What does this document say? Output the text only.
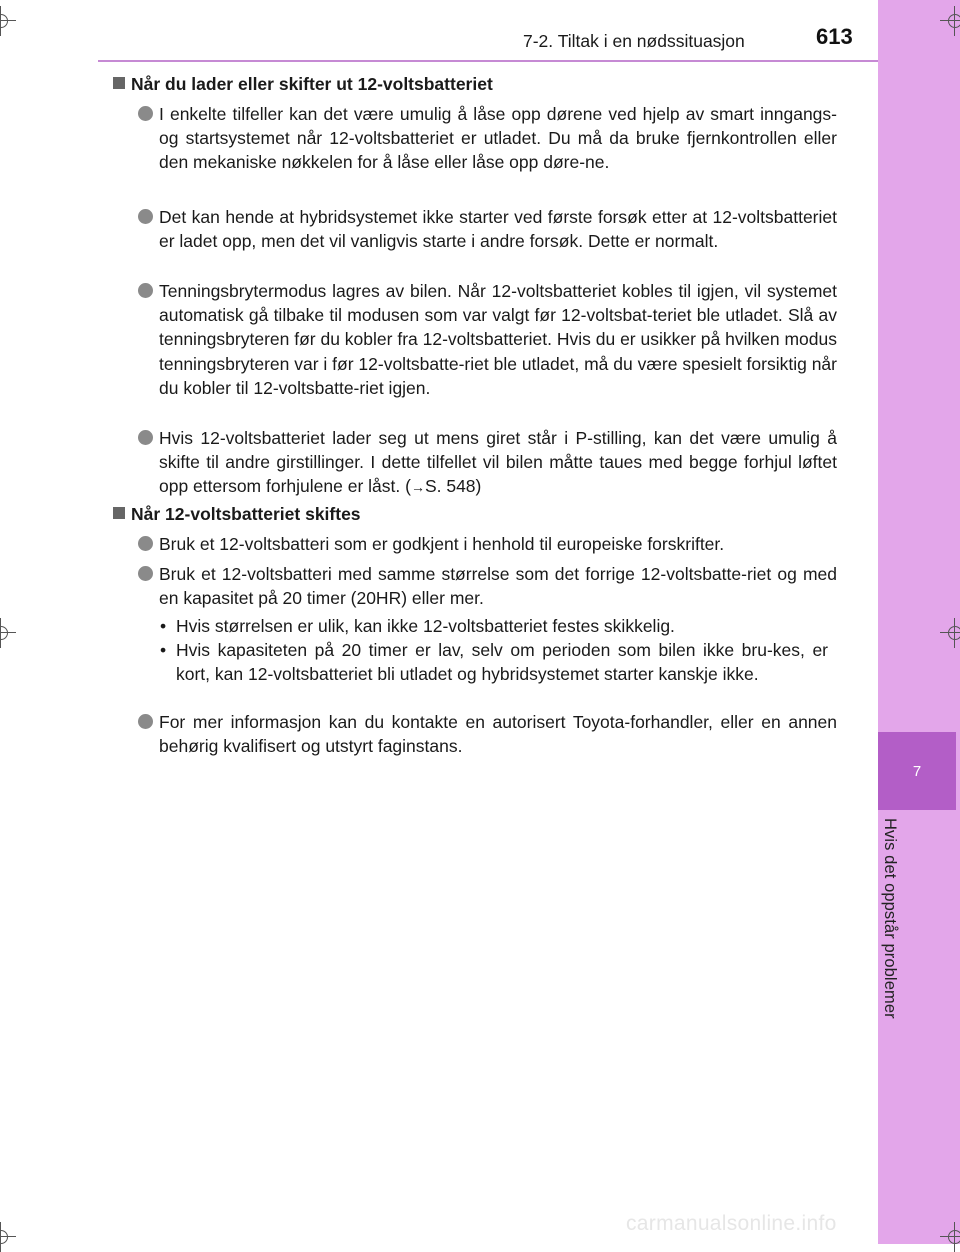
7
Hvis det oppstår problemer
7-2. Tiltak i en nødssituasjon	613
Når du lader eller skifter ut 12-voltsbatteriet
I enkelte tilfeller kan det være umulig å låse opp dørene ved hjelp av smart inngangs- og startsystemet når 12-voltsbatteriet er utladet. Du må da bruke fjernkontrollen eller den mekaniske nøkkelen for å låse eller låse opp døre-ne.
Det kan hende at hybridsystemet ikke starter ved første forsøk etter at 12-voltsbatteriet er ladet opp, men det vil vanligvis starte i andre forsøk. Dette er normalt.
Tenningsbrytermodus lagres av bilen. Når 12-voltsbatteriet kobles til igjen, vil systemet automatisk gå tilbake til modusen som var valgt før 12-voltsbat-teriet ble utladet. Slå av tenningsbryteren før du kobler fra 12-voltsbatteriet. Hvis du er usikker på hvilken modus tenningsbryteren var i før 12-voltsbatte-riet ble utladet, må du være spesielt forsiktig når du kobler til 12-voltsbatte-riet igjen.
Hvis 12-voltsbatteriet lader seg ut mens giret står i P-stilling, kan det være umulig å skifte til andre girstillinger. I dette tilfellet vil bilen måtte taues med begge forhjul løftet opp ettersom forhjulene er låst. (→S. 548)
Når 12-voltsbatteriet skiftes
Bruk et 12-voltsbatteri som er godkjent i henhold til europeiske forskrifter.
Bruk et 12-voltsbatteri med samme størrelse som det forrige 12-voltsbatte-riet og med en kapasitet på 20 timer (20HR) eller mer.
• Hvis størrelsen er ulik, kan ikke 12-voltsbatteriet festes skikkelig.
• Hvis kapasiteten på 20 timer er lav, selv om perioden som bilen ikke bru-kes, er kort, kan 12-voltsbatteriet bli utladet og hybridsystemet starter kanskje ikke.
For mer informasjon kan du kontakte en autorisert Toyota-forhandler, eller en annen behørig kvalifisert og utstyrt faginstans.
carmanualsonline.info
